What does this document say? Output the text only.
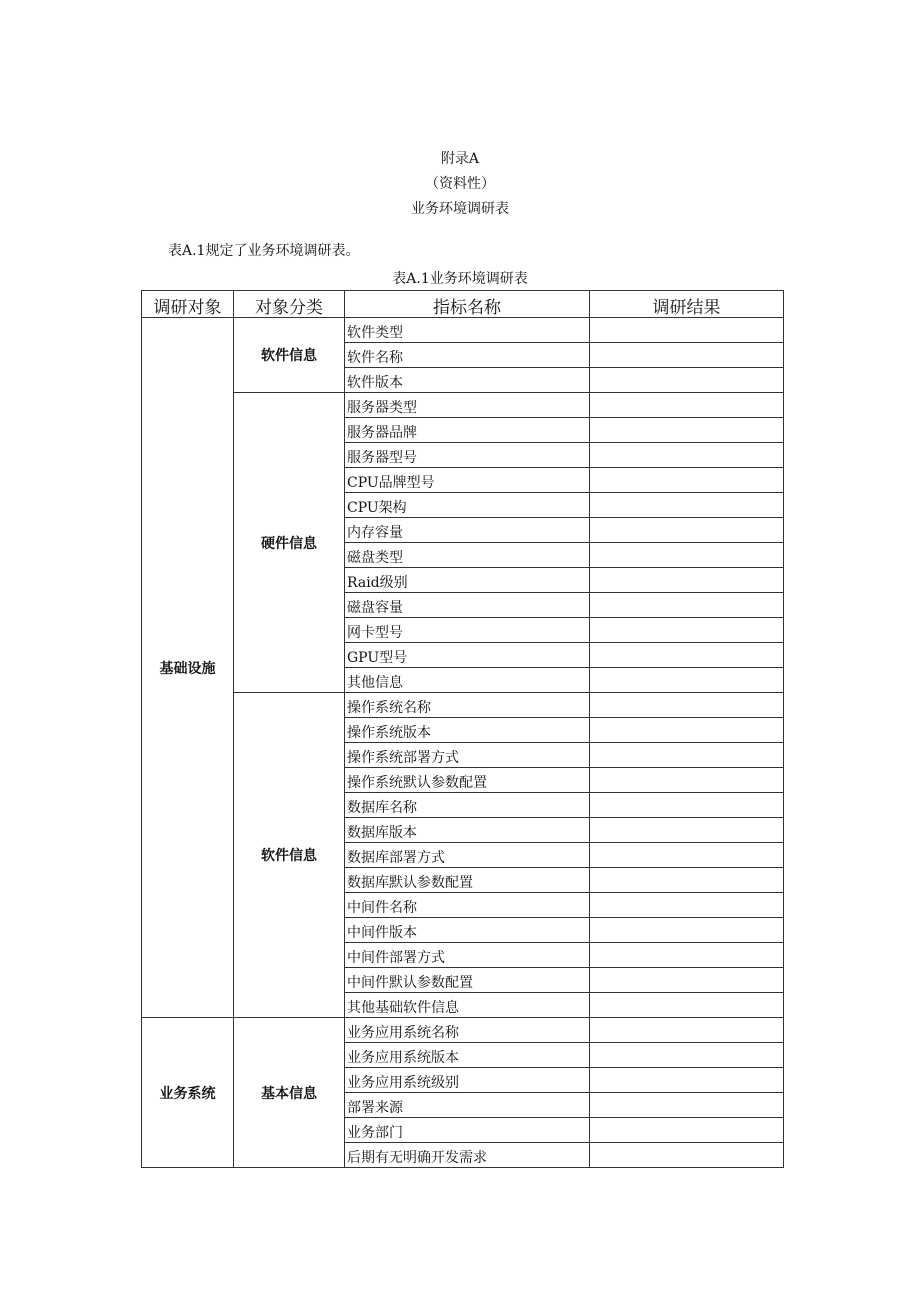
附录A
（资料性）
业务环境调研表
表A.1规定了业务环境调研表。
表A.1业务环境调研表
调研对象	对象分类	指标名称	调研结果
基础设施	软件信息	软件类型	
		软件名称	
		软件版本	
	硬件信息	服务器类型	
		服务器品牌	
		服务器型号	
		CPU品牌型号	
		CPU架构	
		内存容量	
		磁盘类型	
		Raid级别	
		磁盘容量	
		网卡型号	
		GPU型号	
		其他信息	
	软件信息	操作系统名称	
		操作系统版本	
		操作系统部署方式	
		操作系统默认参数配置	
		数据库名称	
		数据库版本	
		数据库部署方式	
		数据库默认参数配置	
		中间件名称	
		中间件版本	
		中间件部署方式	
		中间件默认参数配置	
		其他基础软件信息	
业务系统	基本信息	业务应用系统名称	
		业务应用系统版本	
		业务应用系统级别	
		部署来源	
		业务部门	
		后期有无明确开发需求	
